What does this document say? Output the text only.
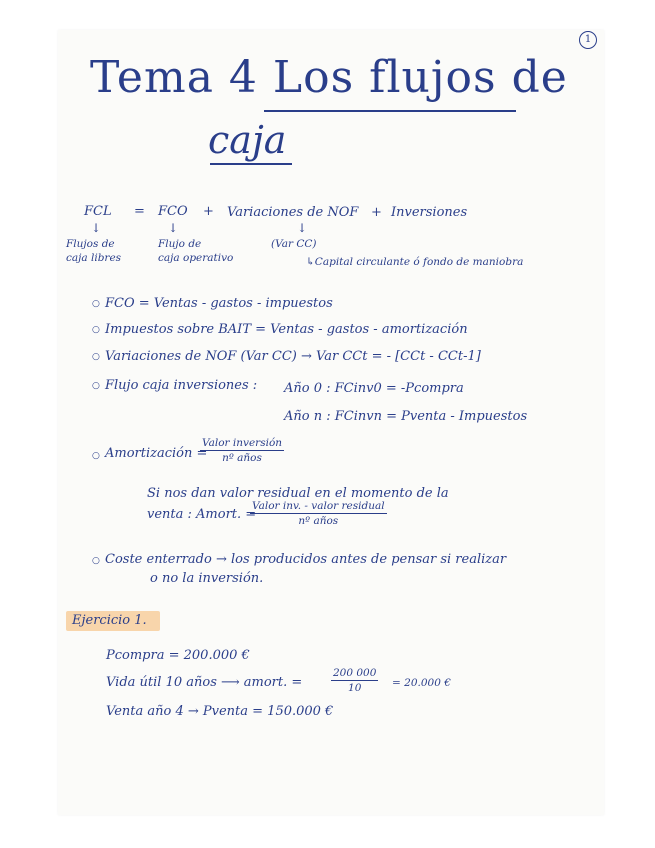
1
Tema 4 Los flujos de
caja
FCL = FCO + Variaciones de NOF + Inversiones
↓	↓	↓
Flujos de
caja libres
Flujo de
caja operativo
(Var CC)
↳Capital circulante ó fondo de maniobra
○ FCO = Ventas - gastos - impuestos
○ Impuestos sobre BAIT = Ventas - gastos - amortización
○ Variaciones de NOF (Var CC) → Var CCt = - [CCt - CCt-1]
○ Flujo caja inversiones : Año 0 : FCinv0 = -Pcompra
Año n : FCinvn = Pventa - Impuestos
○ Amortización =
Valor inversión
nº años
Si nos dan valor residual en el momento de la
venta : Amort. =
Valor inv. - valor residual
nº años
○ Coste enterrado → los producidos antes de pensar si realizar
o no la inversión.
Ejercicio 1.
Pcompra = 200.000 €
Vida útil 10 años ⟶ amort. =	$\frac{200 000}{10} = 20.000$ €
Venta año 4 → Pventa = 150.000 €
